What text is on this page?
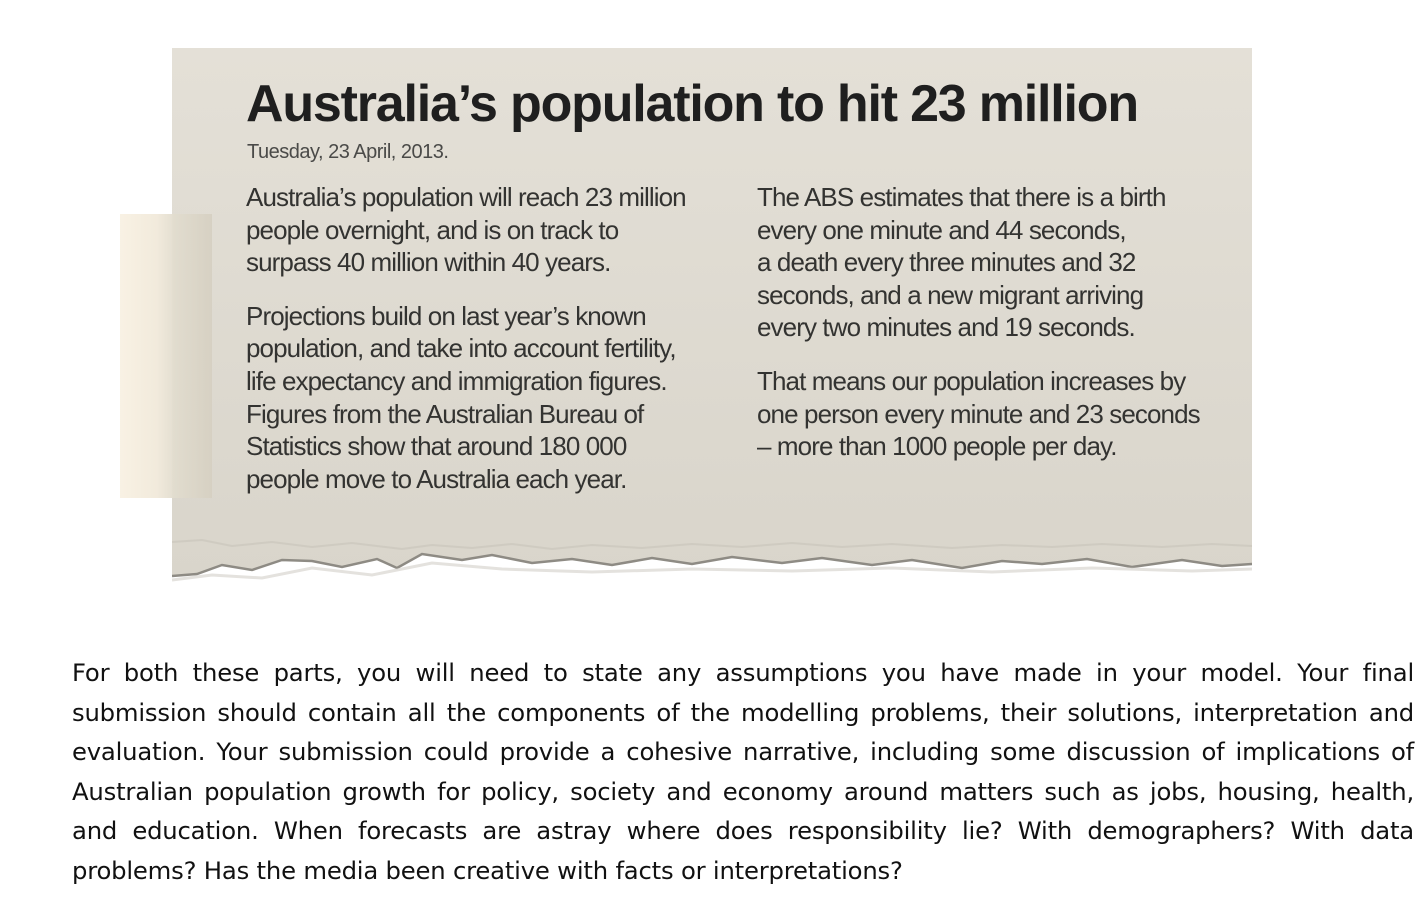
Australia’s population to hit 23 million
Tuesday, 23 April, 2013.

Australia’s population will reach 23 million
people overnight, and is on track to
surpass 40 million within 40 years.

Projections build on last year’s known
population, and take into account fertility,
life expectancy and immigration figures.
Figures from the Australian Bureau of
Statistics show that around 180 000
people move to Australia each year.

The ABS estimates that there is a birth
every one minute and 44 seconds,
a death every three minutes and 32
seconds, and a new migrant arriving
every two minutes and 19 seconds.

That means our population increases by
one person every minute and 23 seconds
– more than 1000 people per day.

For both these parts, you will need to state any assumptions you have made in your model. Your final submission should contain all the components of the modelling problems, their solutions, interpretation and evaluation. Your submission could provide a cohesive narrative, including some discussion of implications of Australian population growth for policy, society and economy around matters such as jobs, housing, health, and education. When forecasts are astray where does responsibility lie? With demographers? With data problems? Has the media been creative with facts or interpretations?
